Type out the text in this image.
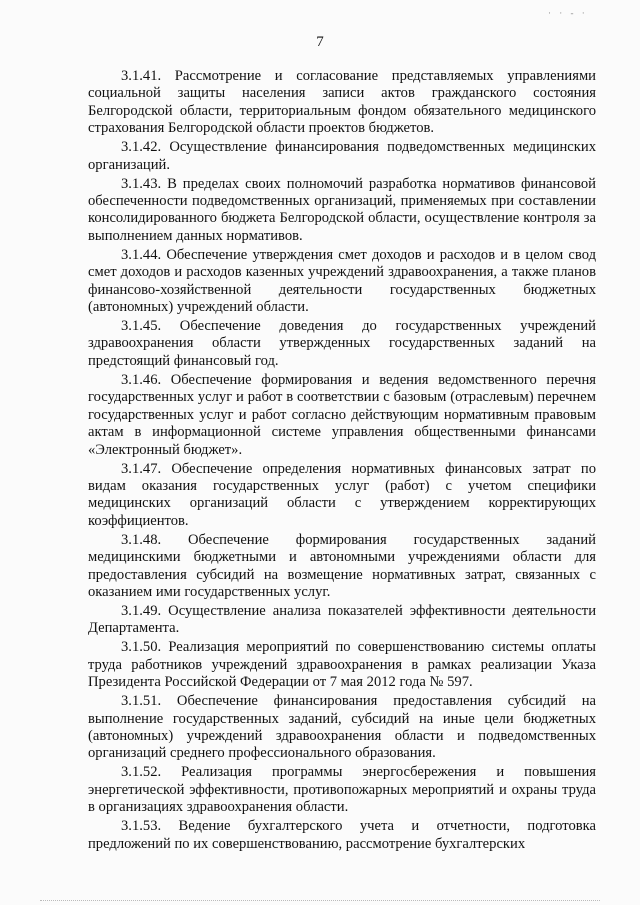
· · - ·
7

3.1.41. Рассмотрение и согласование представляемых управлениями социальной защиты населения записи актов гражданского состояния Белгородской области, территориальным фондом обязательного медицинского страхования Белгородской области проектов бюджетов.

3.1.42. Осуществление финансирования подведомственных медицинских организаций.

3.1.43. В пределах своих полномочий разработка нормативов финансовой обеспеченности подведомственных организаций, применяемых при составлении консолидированного бюджета Белгородской области, осуществление контроля за выполнением данных нормативов.

3.1.44. Обеспечение утверждения смет доходов и расходов и в целом свод смет доходов и расходов казенных учреждений здравоохранения, а также планов финансово-хозяйственной деятельности государственных бюджетных (автономных) учреждений области.

3.1.45. Обеспечение доведения до государственных учреждений здравоохранения области утвержденных государственных заданий на предстоящий финансовый год.

3.1.46. Обеспечение формирования и ведения ведомственного перечня государственных услуг и работ в соответствии с базовым (отраслевым) перечнем государственных услуг и работ согласно действующим нормативным правовым актам в информационной системе управления общественными финансами «Электронный бюджет».

3.1.47. Обеспечение определения нормативных финансовых затрат по видам оказания государственных услуг (работ) с учетом специфики медицинских организаций области с утверждением корректирующих коэффициентов.

3.1.48. Обеспечение формирования государственных заданий медицинскими бюджетными и автономными учреждениями области для предоставления субсидий на возмещение нормативных затрат, связанных с оказанием ими государственных услуг.

3.1.49. Осуществление анализа показателей эффективности деятельности Департамента.

3.1.50. Реализация мероприятий по совершенствованию системы оплаты труда работников учреждений здравоохранения в рамках реализации Указа Президента Российской Федерации от 7 мая 2012 года № 597.

3.1.51. Обеспечение финансирования предоставления субсидий на выполнение государственных заданий, субсидий на иные цели бюджетных (автономных) учреждений здравоохранения области и подведомственных организаций среднего профессионального образования.

3.1.52. Реализация программы энергосбережения и повышения энергетической эффективности, противопожарных мероприятий и охраны труда в организациях здравоохранения области.

3.1.53. Ведение бухгалтерского учета и отчетности, подготовка предложений по их совершенствованию, рассмотрение бухгалтерских
